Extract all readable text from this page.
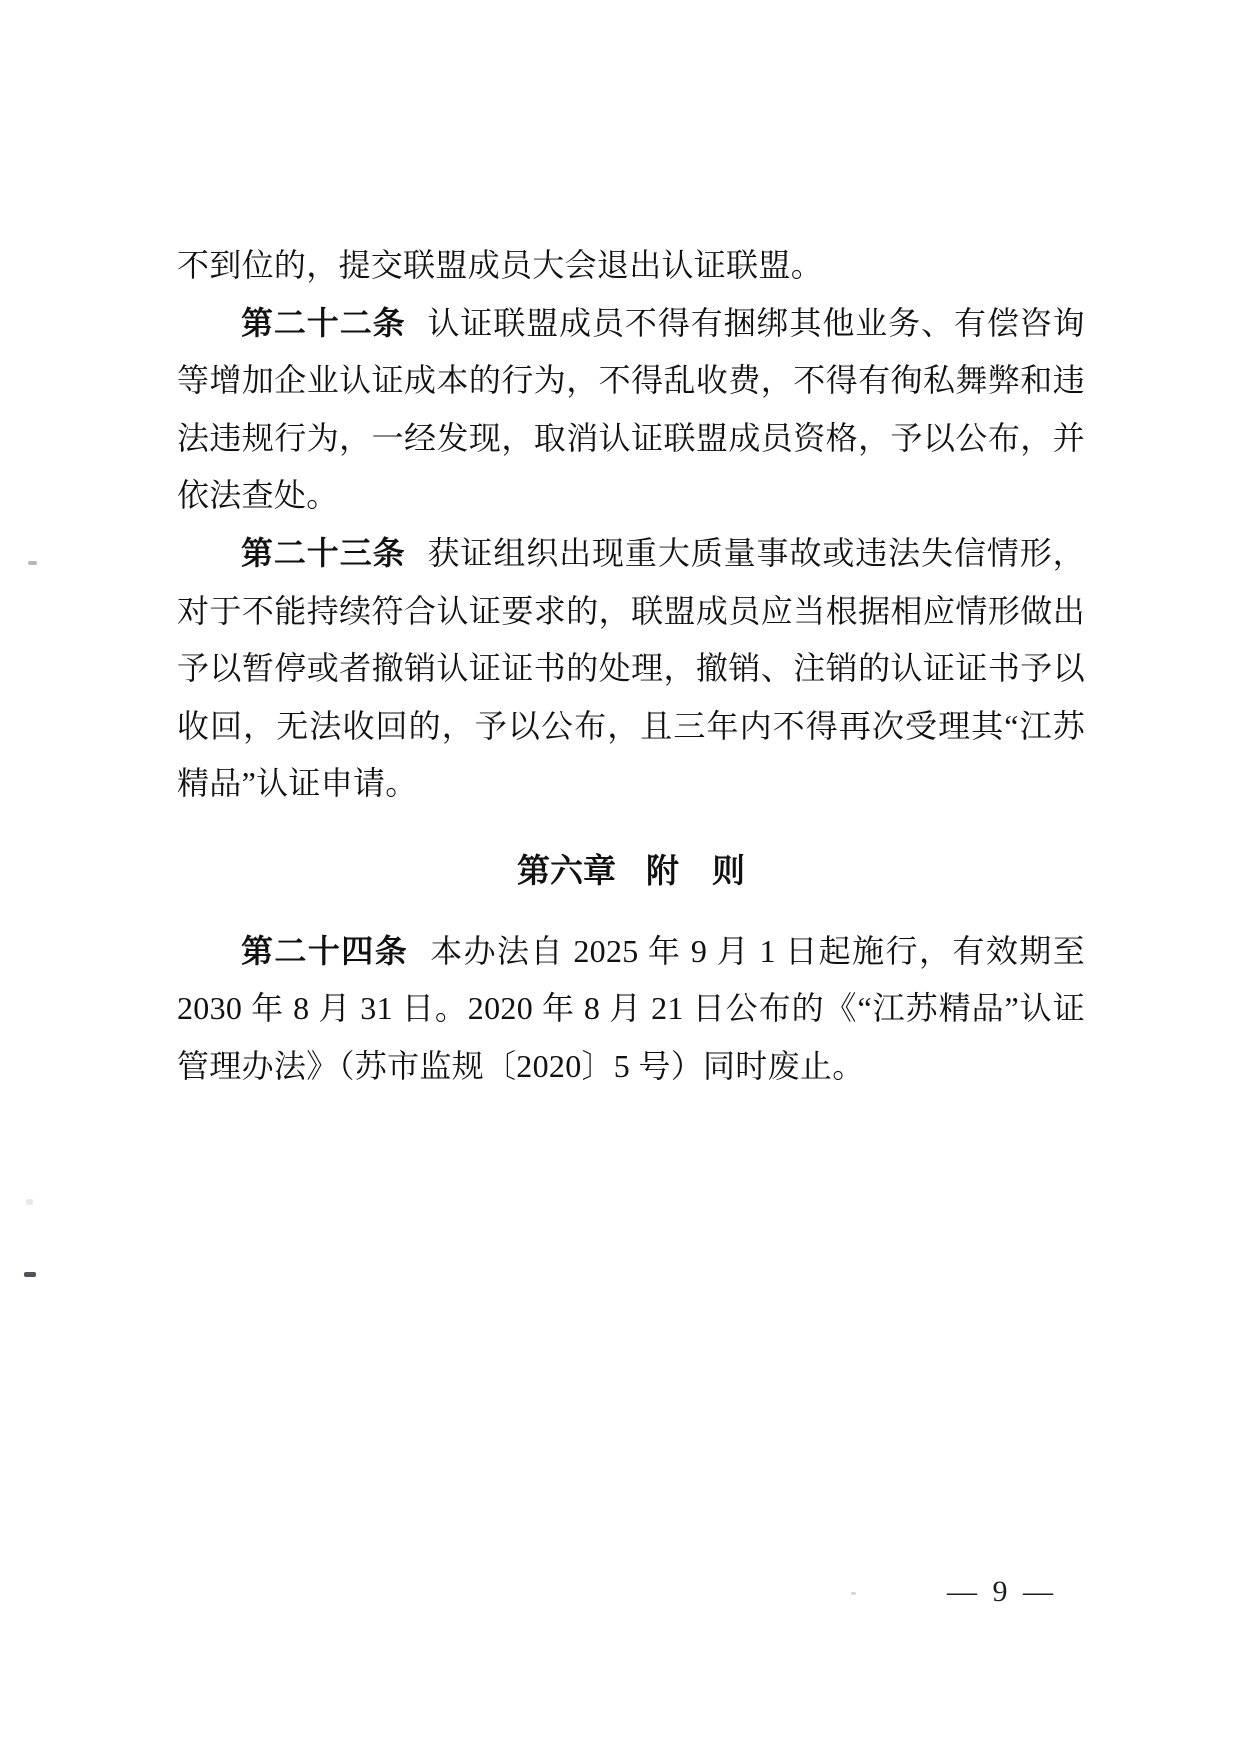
不到位的，提交联盟成员大会退出认证联盟。
第二十二条 认证联盟成员不得有捆绑其他业务、有偿咨询
等增加企业认证成本的行为，不得乱收费，不得有徇私舞弊和违
法违规行为，一经发现，取消认证联盟成员资格，予以公布，并
依法查处。
第二十三条 获证组织出现重大质量事故或违法失信情形，
对于不能持续符合认证要求的，联盟成员应当根据相应情形做出
予以暂停或者撤销认证证书的处理，撤销、注销的认证证书予以
收回，无法收回的，予以公布，且三年内不得再次受理其“江苏
精品”认证申请。
第六章 附　则
第二十四条 本办法自 2025 年 9 月 1 日起施行，有效期至
2030 年 8 月 31 日。2020 年 8 月 21 日公布的《“江苏精品”认证
管理办法》（苏市监规〔2020〕5 号）同时废止。
— 9 —
